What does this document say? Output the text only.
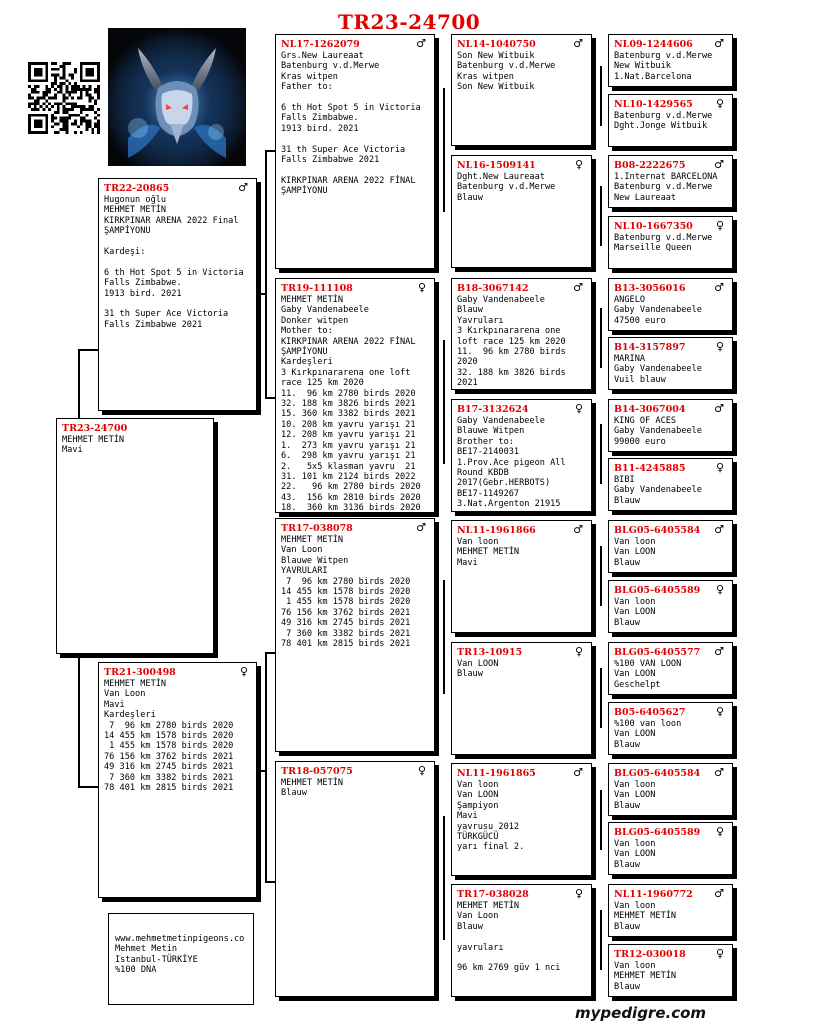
TR23-24700
TR23-24700
MEHMET METİN
Mavi
TR22-20865	♂
Hugonun oğlu
MEHMET METİN
KIRKPINAR ARENA 2022 Final
ŞAMPİYONU

Kardeşi:

6 th Hot Spot 5 in Victoria
Falls Zimbabwe.
1913 bird. 2021

31 th Super Ace Victoria
Falls Zimbabwe 2021
TR21-300498	♀
MEHMET METİN
Van Loon
Mavi
Kardeşleri
7  96 km 2780 birds 2020
14 455 km 1578 birds 2020
1 455 km 1578 birds 2020
76 156 km 3762 birds 2021
49 316 km 2745 birds 2021
7 360 km 3382 birds 2021
78 401 km 2815 birds 2021
NL17-1262079	♂
Grs.New Laureaat
Batenburg v.d.Merwe
Kras witpen
Father to:

6 th Hot Spot 5 in Victoria
Falls Zimbabwe.
1913 bird. 2021

31 th Super Ace Victoria
Falls Zimbabwe 2021

KIRKPINAR ARENA 2022 FİNAL
ŞAMPİYONU
TR19-111108	♀
MEHMET METİN
Gaby Vandenabeele
Donker witpen
Mother to:
KIRKPINAR ARENA 2022 FİNAL
ŞAMPİYONU
Kardeşleri
3 Kırkpınararena one loft
race 125 km 2020
11.  96 km 2780 birds 2020
32. 188 km 3826 birds 2021
15. 360 km 3382 birds 2021
10. 208 km yavru yarışı 21
12. 208 km yavru yarışı 21
1.  273 km yavru yarışı 21
6.  298 km yavru yarışı 21
2.   5x5 klasman yavru  21
31. 101 km 2124 birds 2022
22.   96 km 2780 birds 2020
43.  156 km 2810 birds 2020
18.  360 km 3136 birds 2020
TR17-038078	♂
MEHMET METİN
Van Loon
Blauwe Witpen
YAVRULARI
7  96 km 2780 birds 2020
14 455 km 1578 birds 2020
1 455 km 1578 birds 2020
76 156 km 3762 birds 2021
49 316 km 2745 birds 2021
7 360 km 3382 birds 2021
78 401 km 2815 birds 2021
TR18-057075	♀
MEHMET METİN
Blauw
NL14-1040750	♂
Son New Witbuik
Batenburg v.d.Merwe
Kras witpen
Son New Witbuik
NL16-1509141	♀
Dght.New Laureaat
Batenburg v.d.Merwe
Blauw
B18-3067142	♂
Gaby Vandenabeele
Blauw
Yavruları
3 Kırkpınararena one
loft race 125 km 2020
11.  96 km 2780 birds
2020
32. 188 km 3826 birds
2021
B17-3132624	♀
Gaby Vandenabeele
Blauwe Witpen
Brother to:
BE17-2140031
1.Prov.Ace pigeon All
Round KBDB
2017(Gebr.HERBOTS)
BE17-1149267
3.Nat.Argenton 21915
NL11-1961866	♂
Van loon
MEHMET METİN
Mavi
TR13-10915	♀
Van LOON
Blauw
NL11-1961865	♂
Van loon
Van LOON
Şampiyon
Mavi
yavrusu 2012
TÜRKGÜCÜ
yarı final 2.
TR17-038028	♀
MEHMET METİN
Van Loon
Blauw

yavruları

96 km 2769 güv 1 nci
NL09-1244606	♂
Batenburg v.d.Merwe
New Witbuik
1.Nat.Barcelona
NL10-1429565	♀
Batenburg v.d.Merwe
Dght.Jonge Witbuik
B08-2222675	♂
1.Internat BARCELONA
Batenburg v.d.Merwe
New Laureaat
NL10-1667350	♀
Batenburg v.d.Merwe
Marseille Queen
B13-3056016	♂
ANGELO
Gaby Vandenabeele
47500 euro
B14-3157897	♀
MARINA
Gaby Vandenabeele
Vuil blauw
B14-3067004	♂
KING OF ACES
Gaby Vandenabeele
99000 euro
B11-4245885	♀
BIBI
Gaby Vandenabeele
Blauw
BLG05-6405584	♂
Van loon
Van LOON
Blauw
BLG05-6405589	♀
Van loon
Van LOON
Blauw
BLG05-6405577	♂
%100 VAN LOON
Van LOON
Geschelpt
B05-6405627	♀
%100 van loon
Van LOON
Blauw
BLG05-6405584	♂
Van loon
Van LOON
Blauw
BLG05-6405589	♀
Van loon
Van LOON
Blauw
NL11-1960772	♂
Van loon
MEHMET METİN
Blauw
TR12-030018	♀
Van loon
MEHMET METİN
Blauw
www.mehmetmetinpigeons.co
Mehmet Metin
Istanbul-TÜRKİYE
%100 DNA
mypedigre.com
